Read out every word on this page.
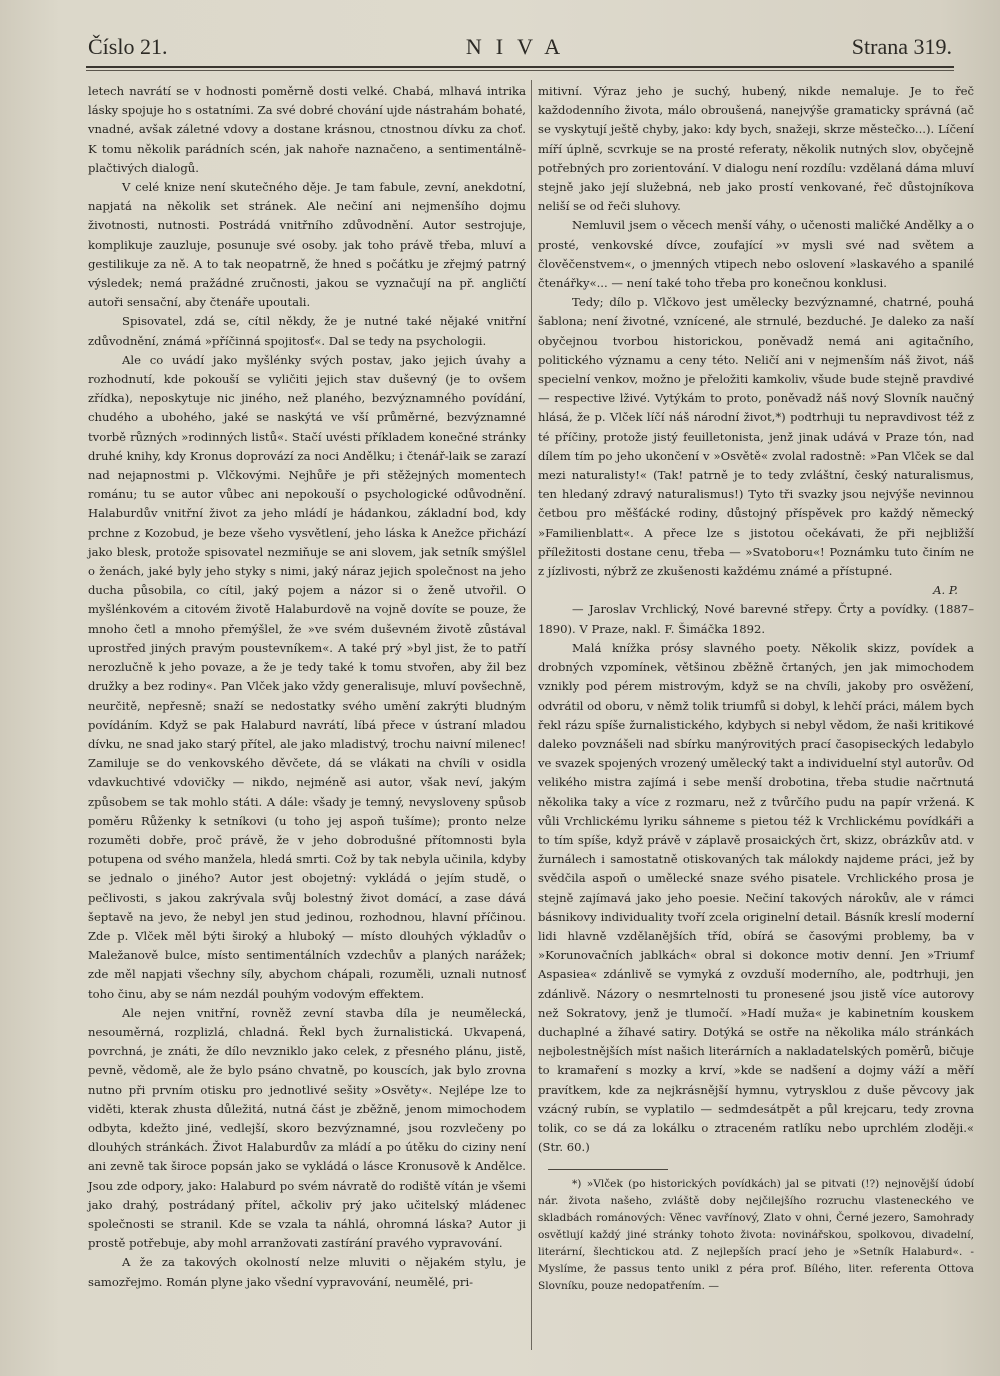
Číslo 21.	NIVA	Strana 319.

letech navrátí se v hodnosti poměrně dosti velké. Chabá, mlhavá intrika lásky spojuje ho s ostatními. Za své dobré chování ujde nástrahám bohaté, vnadné, avšak záletné vdovy a dostane krásnou, ctnostnou dívku za choť. K tomu několik parádních scén, jak nahoře naznačeno, a sentimentálně-plačtivých dialogů.

V celé knize není skutečného děje. Je tam fabule, zevní, anekdotní, napjatá na několik set stránek. Ale nečiní ani nejmenšího dojmu životnosti, nutnosti. Postrádá vnitřního zdůvodnění. Autor sestrojuje, komplikuje zauzluje, posunuje své osoby. jak toho právě třeba, mluví a gestilikuje za ně. A to tak neopatrně, že hned s počátku je zřejmý patrný výsledek; nemá pražádné zručnosti, jakou se vyznačují na př. angličtí autoři sensační, aby čtenáře upoutali.

Spisovatel, zdá se, cítil někdy, že je nutné také nějaké vnitřní zdůvodnění, známá »příčinná spojitosť«. Dal se tedy na psychologii.

Ale co uvádí jako myšlénky svých postav, jako jejich úvahy a rozhodnutí, kde pokouší se vyličiti jejich stav duševný (je to ovšem zřídka), neposkytuje nic jiného, než planého, bezvýznamného povídání, chudého a ubohého, jaké se naskýtá ve vší průměrné, bezvýznamné tvorbě různých »rodinných listů«. Stačí uvésti příkladem konečné stránky druhé knihy, kdy Kronus doprovází za noci Andělku; i čtenář-laik se zarazí nad nejapnostmi p. Vlčkovými. Nejhůře je při stěžejných momentech románu; tu se autor vůbec ani nepokouší o psychologické odůvodnění. Halaburdův vnitřní život za jeho mládí je hádankou, základní bod, kdy prchne z Kozobud, je beze všeho vysvětlení, jeho láska k Anežce přichází jako blesk, protože spisovatel nezmiňuje se ani slovem, jak setník smýšlel o ženách, jaké byly jeho styky s nimi, jaký náraz jejich společnost na jeho ducha působila, co cítil, jaký pojem a názor si o ženě utvořil. O myšlénkovém a citovém životě Halaburdově na vojně dovíte se pouze, že mnoho četl a mnoho přemýšlel, že »ve svém duševném životě zůstával uprostřed jiných pravým poustevníkem«. A také prý »byl jist, že to patří nerozlučně k jeho povaze, a že je tedy také k tomu stvořen, aby žil bez družky a bez rodiny«. Pan Vlček jako vždy generalisuje, mluví povšechně, neurčitě, nepřesně; snaží se nedostatky svého umění zakrýti bludným povídáním. Když se pak Halaburd navrátí, líbá přece v ústraní mladou dívku, ne snad jako starý přítel, ale jako mladistvý, trochu naivní milenec! Zamiluje se do venkovského děvčete, dá se vlákati na chvíli v osidla vdavkuchtivé vdovičky — nikdo, nejméně asi autor, však neví, jakým způsobem se tak mohlo státi. A dále: všady je temný, nevysloveny spůsob poměru Růženky k setníkovi (u toho jej aspoň tušíme); pronto nelze rozuměti dobře, proč právě, že v jeho dobrodušné přítomnosti byla potupena od svého manžela, hledá smrti. Což by tak nebyla učinila, kdyby se jednalo o jiného? Autor jest obojetný: vykládá o jejím studě, o pečlivosti, s jakou zakrývala svůj bolestný život domácí, a zase dává šeptavě na jevo, že nebyl jen stud jedinou, rozhodnou, hlavní příčinou. Zde p. Vlček měl býti široký a hluboký — místo dlouhých výkladův o Maležanově bulce, místo sentimentálních vzdechův a planých narážek; zde měl napjati všechny síly, abychom chápali, rozuměli, uznali nutnosť toho činu, aby se nám nezdál pouhým vodovým effektem.

Ale nejen vnitřní, rovněž zevní stavba díla je neumělecká, nesouměrná, rozplizlá, chladná. Řekl bych žurnalistická. Ukvapená, povrchná, je znáti, že dílo nevzniklo jako celek, z přesného plánu, jistě, pevně, vědomě, ale že bylo psáno chvatně, po kouscích, jak bylo zrovna nutno při prvním otisku pro jednotlivé sešity »Osvěty«. Nejlépe lze to viděti, kterak zhusta důležitá, nutná část je zběžně, jenom mimochodem odbyta, kdežto jiné, vedlejší, skoro bezvýznamné, jsou rozvlečeny po dlouhých stránkách. Život Halaburdův za mládí a po útěku do ciziny není ani zevně tak široce popsán jako se vykládá o lásce Kronusově k Andělce. Jsou zde odpory, jako: Halaburd po svém návratě do rodiště vítán je všemi jako drahý, postrádaný přítel, ačkoliv prý jako učitelský mládenec společnosti se stranil. Kde se vzala ta náhlá, ohromná láska? Autor ji prostě potřebuje, aby mohl arranžovati zastírání pravého vypravování.

A že za takových okolností nelze mluviti o nějakém stylu, je samozřejmo. Román plyne jako všední vypravování, neumělé, pri-

mitivní. Výraz jeho je suchý, hubený, nikde nemaluje. Je to řeč každodenního života, málo obroušená, nanejvýše gramaticky správná (ač se vyskytují ještě chyby, jako: kdy bych, snažeji, skrze městečko...). Líčení míří úplně, scvrkuje se na prosté referaty, několik nutných slov, obyčejně potřebných pro zorientování. V dialogu není rozdílu: vzdělaná dáma mluví stejně jako její služebná, neb jako prostí venkované, řeč důstojníkova neliší se od řeči sluhovy.

Nemluvil jsem o věcech menší váhy, o učenosti maličké Andělky a o prosté, venkovské dívce, zoufající »v mysli své nad světem a člověčenstvem«, o jmenných vtipech nebo oslovení »laskavého a spanilé čtenářky«... — není také toho třeba pro konečnou konklusi.

Tedy; dílo p. Vlčkovo jest umělecky bezvýznamné, chatrné, pouhá šablona; není životné, vznícené, ale strnulé, bezduché. Je daleko za naší obyčejnou tvorbou historickou, poněvadž nemá ani agitačního, politického významu a ceny této. Neličí ani v nejmenším náš život, náš specielní venkov, možno je přeložiti kamkoliv, všude bude stejně pravdivé — respective lživé. Vytýkám to proto, poněvadž náš nový Slovník naučný hlásá, že p. Vlček líčí náš národní život,*) podtrhuji tu nepravdivost též z té příčiny, protože jistý feuilletonista, jenž jinak udává v Praze tón, nad dílem tím po jeho ukončení v »Osvětě« zvolal radostně: »Pan Vlček se dal mezi naturalisty!« (Tak! patrně je to tedy zvláštní, český naturalismus, ten hledaný zdravý naturalismus!) Tyto tři svazky jsou nejvýše nevinnou četbou pro měšťácké rodiny, důstojný příspěvek pro každý německý »Familienblatt«. A přece lze s jistotou očekávati, že při nejbližší příležitosti dostane cenu, třeba — »Svatoboru«! Poznámku tuto činím ne z jízlivosti, nýbrž ze zkušenosti každému známé a přístupné.

A. P.

— Jaroslav Vrchlický, Nové barevné střepy. Črty a povídky. (1887–1890). V Praze, nakl. F. Šimáčka 1892.

Malá knížka prósy slavného poety. Několik skizz, povídek a drobných vzpomínek, většinou zběžně črtaných, jen jak mimochodem vznikly pod pérem mistrovým, když se na chvíli, jakoby pro osvěžení, odvrátil od oboru, v němž tolik triumfů si dobyl, k lehčí práci, málem bych řekl rázu spíše žurnalistického, kdybych si nebyl vědom, že naši kritikové daleko povznášeli nad sbírku manýrovitých prací časopiseckých ledabylo ve svazek spojených vrozený umělecký takt a individuelní styl autorův. Od velikého mistra zajímá i sebe menší drobotina, třeba studie načrtnutá několika taky a více z rozmaru, než z tvůrčího pudu na papír vržená. K vůli Vrchlickému lyriku sáhneme s pietou též k Vrchlickému povídkáři a to tím spíše, když právě v záplavě prosaických črt, skizz, obrázkův atd. v žurnálech i samostatně otiskovaných tak málokdy najdeme práci, jež by svědčila aspoň o umělecké snaze svého pisatele. Vrchlického prosa je stejně zajímavá jako jeho poesie. Nečiní takových nárokův, ale v rámci básnikovy individuality tvoří zcela originelní detail. Básník kreslí moderní lidi hlavně vzdělanějších tříd, obírá se časovými problemy, ba v »Korunovačních jablkách« obral si dokonce motiv denní. Jen »Triumf Aspasiea« zdánlivě se vymyká z ovzduší moderního, ale, podtrhuji, jen zdánlivě. Názory o nesmrtelnosti tu pronesené jsou jistě více autorovy než Sokratovy, jenž je tlumočí. »Hadí muža« je kabinetním kouskem duchaplné a žíhavé satiry. Dotýká se ostře na několika málo stránkách nejbolestnějších míst našich literárních a nakladatelských poměrů, bičuje to kramaření s mozky a krví, »kde se nadšení a dojmy váží a měří pravítkem, kde za nejkrásnější hymnu, vytrysklou z duše pěvcovy jak vzácný rubín, se vyplatilo — sedmdesátpět a půl krejcaru, tedy zrovna tolik, co se dá za lokálku o ztraceném ratlíku nebo uprchlém zloději.« (Str. 60.)

*) »Vlček (po historických povídkách) jal se pitvati (!?) nejnovější údobí nár. života našeho, zvláště doby nejčilejšího rozruchu vlasteneckého ve skladbách románových: Věnec vavřínový, Zlato v ohni, Černé jezero, Samohrady osvětlují každý jiné stránky tohoto života: novinářskou, spolkovou, divadelní, literární, šlechtickou atd. Z nejlepších prací jeho je »Setník Halaburd«. - Myslíme, že passus tento unikl z péra prof. Bílého, liter. referenta Ottova Slovníku, pouze nedopatřením. —
